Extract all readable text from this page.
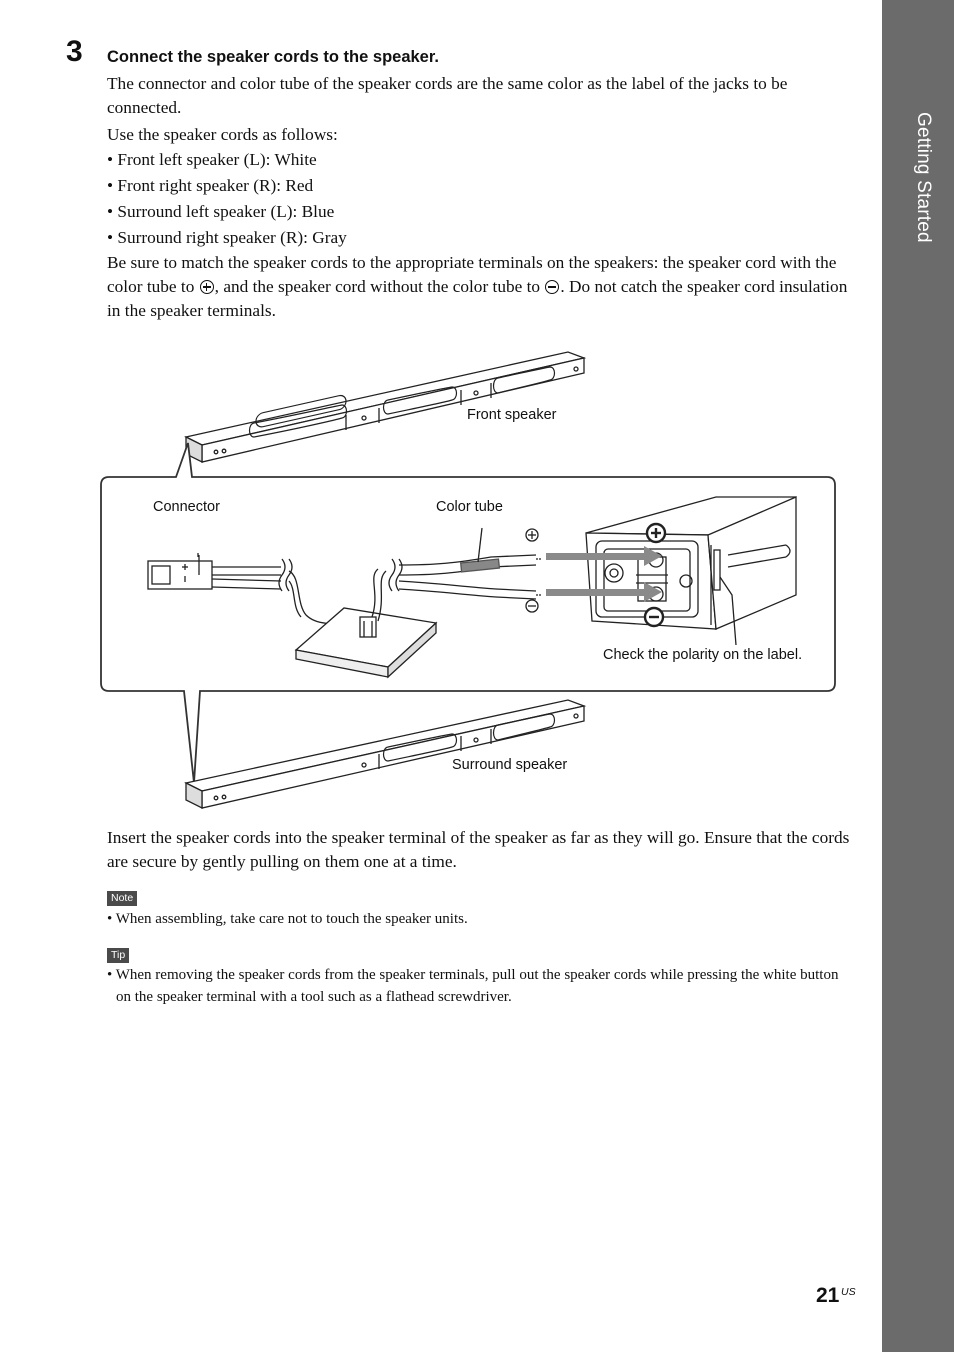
Getting Started
3 Connect the speaker cords to the speaker.

The connector and color tube of the speaker cords are the same color as the label of the jacks to be connected.

Use the speaker cords as follows:

• Front left speaker (L): White
• Front right speaker (R): Red
• Surround left speaker (L): Blue
• Surround right speaker (R): Gray

Be sure to match the speaker cords to the appropriate terminals on the speakers: the speaker cord with the color tube to , and the speaker cord without the color tube to . Do not catch the speaker cord insulation in the speaker terminals.

Front speaker
Connector	Color tube
Check the polarity on the label.
Surround speaker

Insert the speaker cords into the speaker terminal of the speaker as far as they will go. Ensure that the cords are secure by gently pulling on them one at a time.

Note
• When assembling, take care not to touch the speaker units.
Tip
• When removing the speaker cords from the speaker terminals, pull out the speaker cords while pressing the white button on the speaker terminal with a tool such as a flathead screwdriver.
21 US
